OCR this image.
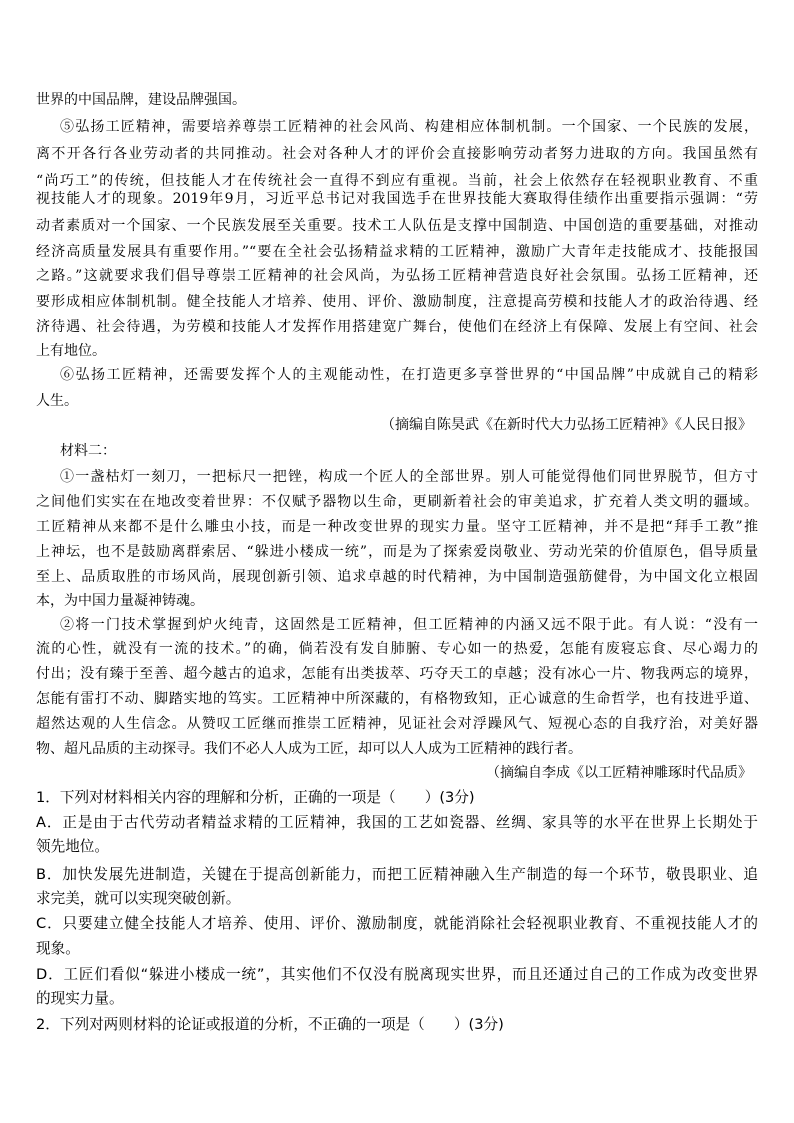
世界的中国品牌，建设品牌强国。
⑤弘扬工匠精神，需要培养尊崇工匠精神的社会风尚、构建相应体制机制。一个国家、一个民族的发展，
离不开各行各业劳动者的共同推动。社会对各种人才的评价会直接影响劳动者努力进取的方向。我国虽然有
“尚巧工”的传统，但技能人才在传统社会一直得不到应有重视。当前，社会上依然存在轻视职业教育、不重
视技能人才的现象。2019年9月，习近平总书记对我国选手在世界技能大赛取得佳绩作出重要指示强调：“劳
动者素质对一个国家、一个民族发展至关重要。技术工人队伍是支撑中国制造、中国创造的重要基础，对推动
经济高质量发展具有重要作用。”“要在全社会弘扬精益求精的工匠精神，激励广大青年走技能成才、技能报国
之路。”这就要求我们倡导尊崇工匠精神的社会风尚，为弘扬工匠精神营造良好社会氛围。弘扬工匠精神，还
要形成相应体制机制。健全技能人才培养、使用、评价、激励制度，注意提高劳模和技能人才的政治待遇、经
济待遇、社会待遇，为劳模和技能人才发挥作用搭建宽广舞台，使他们在经济上有保障、发展上有空间、社会
上有地位。
⑥弘扬工匠精神，还需要发挥个人的主观能动性，在打造更多享誉世界的“中国品牌”中成就自己的精彩
人生。
（摘编自陈昊武《在新时代大力弘扬工匠精神》《人民日报》
材料二：
①一盏枯灯一刻刀，一把标尺一把锉，构成一个匠人的全部世界。别人可能觉得他们同世界脱节，但方寸
之间他们实实在在地改变着世界：不仅赋予器物以生命，更刷新着社会的审美追求，扩充着人类文明的疆域。
工匠精神从来都不是什么雕虫小技，而是一种改变世界的现实力量。坚守工匠精神，并不是把“拜手工教”推
上神坛，也不是鼓励离群索居、“躲进小楼成一统”，而是为了探索爱岗敬业、劳动光荣的价值原色，倡导质量
至上、品质取胜的市场风尚，展现创新引领、追求卓越的时代精神，为中国制造强筋健骨，为中国文化立根固
本，为中国力量凝神铸魂。
②将一门技术掌握到炉火纯青，这固然是工匠精神，但工匠精神的内涵又远不限于此。有人说：“没有一
流的心性，就没有一流的技术。”的确，倘若没有发自肺腑、专心如一的热爱，怎能有废寝忘食、尽心竭力的
付出；没有臻于至善、超今越古的追求，怎能有出类拔萃、巧夺天工的卓越；没有冰心一片、物我两忘的境界，
怎能有雷打不动、脚踏实地的笃实。工匠精神中所深藏的，有格物致知，正心诚意的生命哲学，也有技进乎道、
超然达观的人生信念。从赞叹工匠继而推崇工匠精神，见证社会对浮躁风气、短视心态的自我疗治，对美好器
物、超凡品质的主动探寻。我们不必人人成为工匠，却可以人人成为工匠精神的践行者。
（摘编自李成《以工匠精神雕琢时代品质》
1．下列对材料相关内容的理解和分析，正确的一项是（　　）(3分)
A．正是由于古代劳动者精益求精的工匠精神，我国的工艺如瓷器、丝绸、家具等的水平在世界上长期处于
领先地位。
B．加快发展先进制造，关键在于提高创新能力，而把工匠精神融入生产制造的每一个环节，敬畏职业、追
求完美，就可以实现突破创新。
C．只要建立健全技能人才培养、使用、评价、激励制度，就能消除社会轻视职业教育、不重视技能人才的
现象。
D．工匠们看似“躲进小楼成一统”，其实他们不仅没有脱离现实世界，而且还通过自己的工作成为改变世界
的现实力量。
2．下列对两则材料的论证或报道的分析，不正确的一项是（　　）(3分)
